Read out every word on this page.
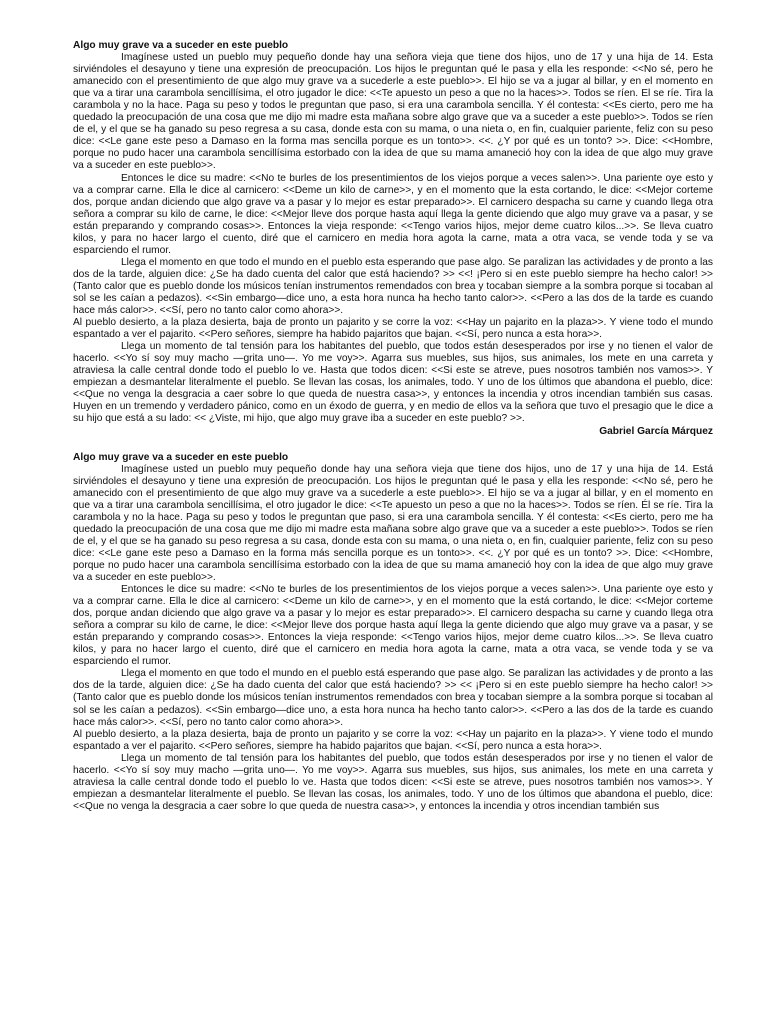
Algo muy grave va a suceder en este pueblo

Imagínese usted un pueblo muy pequeño donde hay una señora vieja que tiene dos hijos, uno de 17 y una hija de 14. Esta sirviéndoles el desayuno y tiene una expresión de preocupación. Los hijos le preguntan qué le pasa y ella les responde: <<No sé, pero he amanecido con el presentimiento de que algo muy grave va a sucederle a este pueblo>>. El hijo se va a jugar al billar, y en el momento en que va a tirar una carambola sencillísima, el otro jugador le dice: <<Te apuesto un peso a que no la haces>>. Todos se ríen. El se ríe. Tira la carambola y no la hace. Paga su peso y todos le preguntan que paso, si era una carambola sencilla. Y él contesta: <<Es cierto, pero me ha quedado la preocupación de una cosa que me dijo mi madre esta mañana sobre algo grave que va a suceder a este pueblo>>. Todos se ríen de el, y el que se ha ganado su peso regresa a su casa, donde esta con su mama, o una nieta o, en fin, cualquier pariente, feliz con su peso dice: <<Le gane este peso a Damaso en la forma mas sencilla porque es un tonto>>. <<. ¿Y por qué es un tonto? >>. Dice: <<Hombre, porque no pudo hacer una carambola sencillísima estorbado con la idea de que su mama amaneció hoy con la idea de que algo muy grave va a suceder en este pueblo>>.

Entonces le dice su madre: <<No te burles de los presentimientos de los viejos porque a veces salen>>. Una pariente oye esto y va a comprar carne. Ella le dice al carnicero: <<Deme un kilo de carne>>, y en el momento que la esta cortando, le dice: <<Mejor corteme dos, porque andan diciendo que algo grave va a pasar y lo mejor es estar preparado>>. El carnicero despacha su carne y cuando llega otra señora a comprar su kilo de carne, le dice: <<Mejor lleve dos porque hasta aquí llega la gente diciendo que algo muy grave va a pasar, y se están preparando y comprando cosas>>. Entonces la vieja responde: <<Tengo varios hijos, mejor deme cuatro kilos...>>. Se lleva cuatro kilos, y para no hacer largo el cuento, diré que el carnicero en media hora agota la carne, mata a otra vaca, se vende toda y se va esparciendo el rumor.

Llega el momento en que todo el mundo en el pueblo esta esperando que pase algo. Se paralizan las actividades y de pronto a las dos de la tarde, alguien dice: ¿Se ha dado cuenta del calor que está haciendo? >> <<! ¡Pero si en este pueblo siempre ha hecho calor! >> (Tanto calor que es pueblo donde los músicos tenían instrumentos remendados con brea y tocaban siempre a la sombra porque si tocaban al sol se les caían a pedazos). <<Sin embargo—dice uno, a esta hora nunca ha hecho tanto calor>>. <<Pero a las dos de la tarde es cuando hace más calor>>. <<Sí, pero no tanto calor como ahora>>.

Al pueblo desierto, a la plaza desierta, baja de pronto un pajarito y se corre la voz: <<Hay un pajarito en la plaza>>. Y viene todo el mundo espantado a ver el pajarito. <<Pero señores, siempre ha habido pajaritos que bajan. <<Sí, pero nunca a esta hora>>.

Llega un momento de tal tensión para los habitantes del pueblo, que todos están desesperados por irse y no tienen el valor de hacerlo. <<Yo sí soy muy macho —grita uno—. Yo me voy>>. Agarra sus muebles, sus hijos, sus animales, los mete en una carreta y atraviesa la calle central donde todo el pueblo lo ve. Hasta que todos dicen: <<Si este se atreve, pues nosotros también nos vamos>>. Y empiezan a desmantelar literalmente el pueblo. Se llevan las cosas, los animales, todo. Y uno de los últimos que abandona el pueblo, dice: <<Que no venga la desgracia a caer sobre lo que queda de nuestra casa>>, y entonces la incendia y otros incendian también sus casas. Huyen en un tremendo y verdadero pánico, como en un éxodo de guerra, y en medio de ellos va la señora que tuvo el presagio que le dice a su hijo que está a su lado: << ¿Viste, mi hijo, que algo muy grave iba a suceder en este pueblo? >>.

Gabriel García Márquez

Algo muy grave va a suceder en este pueblo

Imagínese usted un pueblo muy pequeño donde hay una señora vieja que tiene dos hijos, uno de 17 y una hija de 14. Está sirviéndoles el desayuno y tiene una expresión de preocupación. Los hijos le preguntan qué le pasa y ella les responde: <<No sé, pero he amanecido con el presentimiento de que algo muy grave va a sucederle a este pueblo>>. El hijo se va a jugar al billar, y en el momento en que va a tirar una carambola sencillísima, el otro jugador le dice: <<Te apuesto un peso a que no la haces>>. Todos se ríen. Él se ríe. Tira la carambola y no la hace. Paga su peso y todos le preguntan que paso, si era una carambola sencilla. Y él contesta: <<Es cierto, pero me ha quedado la preocupación de una cosa que me dijo mi madre esta mañana sobre algo grave que va a suceder a este pueblo>>. Todos se ríen de el, y el que se ha ganado su peso regresa a su casa, donde esta con su mama, o una nieta o, en fin, cualquier pariente, feliz con su peso dice: <<Le gane este peso a Damaso en la forma más sencilla porque es un tonto>>. <<. ¿Y por qué es un tonto? >>. Dice: <<Hombre, porque no pudo hacer una carambola sencillísima estorbado con la idea de que su mama amaneció hoy con la idea de que algo muy grave va a suceder en este pueblo>>.

Entonces le dice su madre: <<No te burles de los presentimientos de los viejos porque a veces salen>>. Una pariente oye esto y va a comprar carne. Ella le dice al carnicero: <<Deme un kilo de carne>>, y en el momento que la está cortando, le dice: <<Mejor corteme dos, porque andan diciendo que algo grave va a pasar y lo mejor es estar preparado>>. El carnicero despacha su carne y cuando llega otra señora a comprar su kilo de carne, le dice: <<Mejor lleve dos porque hasta aquí llega la gente diciendo que algo muy grave va a pasar, y se están preparando y comprando cosas>>. Entonces la vieja responde: <<Tengo varios hijos, mejor deme cuatro kilos...>>. Se lleva cuatro kilos, y para no hacer largo el cuento, diré que el carnicero en media hora agota la carne, mata a otra vaca, se vende toda y se va esparciendo el rumor.

Llega el momento en que todo el mundo en el pueblo está esperando que pase algo. Se paralizan las actividades y de pronto a las dos de la tarde, alguien dice: ¿Se ha dado cuenta del calor que está haciendo? >> << ¡Pero si en este pueblo siempre ha hecho calor! >> (Tanto calor que es pueblo donde los músicos tenían instrumentos remendados con brea y tocaban siempre a la sombra porque si tocaban al sol se les caían a pedazos). <<Sin embargo—dice uno, a esta hora nunca ha hecho tanto calor>>. <<Pero a las dos de la tarde es cuando hace más calor>>. <<Sí, pero no tanto calor como ahora>>.

Al pueblo desierto, a la plaza desierta, baja de pronto un pajarito y se corre la voz: <<Hay un pajarito en la plaza>>. Y viene todo el mundo espantado a ver el pajarito. <<Pero señores, siempre ha habido pajaritos que bajan. <<Sí, pero nunca a esta hora>>.

Llega un momento de tal tensión para los habitantes del pueblo, que todos están desesperados por irse y no tienen el valor de hacerlo. <<Yo sí soy muy macho —grita uno—. Yo me voy>>. Agarra sus muebles, sus hijos, sus animales, los mete en una carreta y atraviesa la calle central donde todo el pueblo lo ve. Hasta que todos dicen: <<Si este se atreve, pues nosotros también nos vamos>>. Y empiezan a desmantelar literalmente el pueblo. Se llevan las cosas, los animales, todo. Y uno de los últimos que abandona el pueblo, dice: <<Que no venga la desgracia a caer sobre lo que queda de nuestra casa>>, y entonces la incendia y otros incendian también sus
